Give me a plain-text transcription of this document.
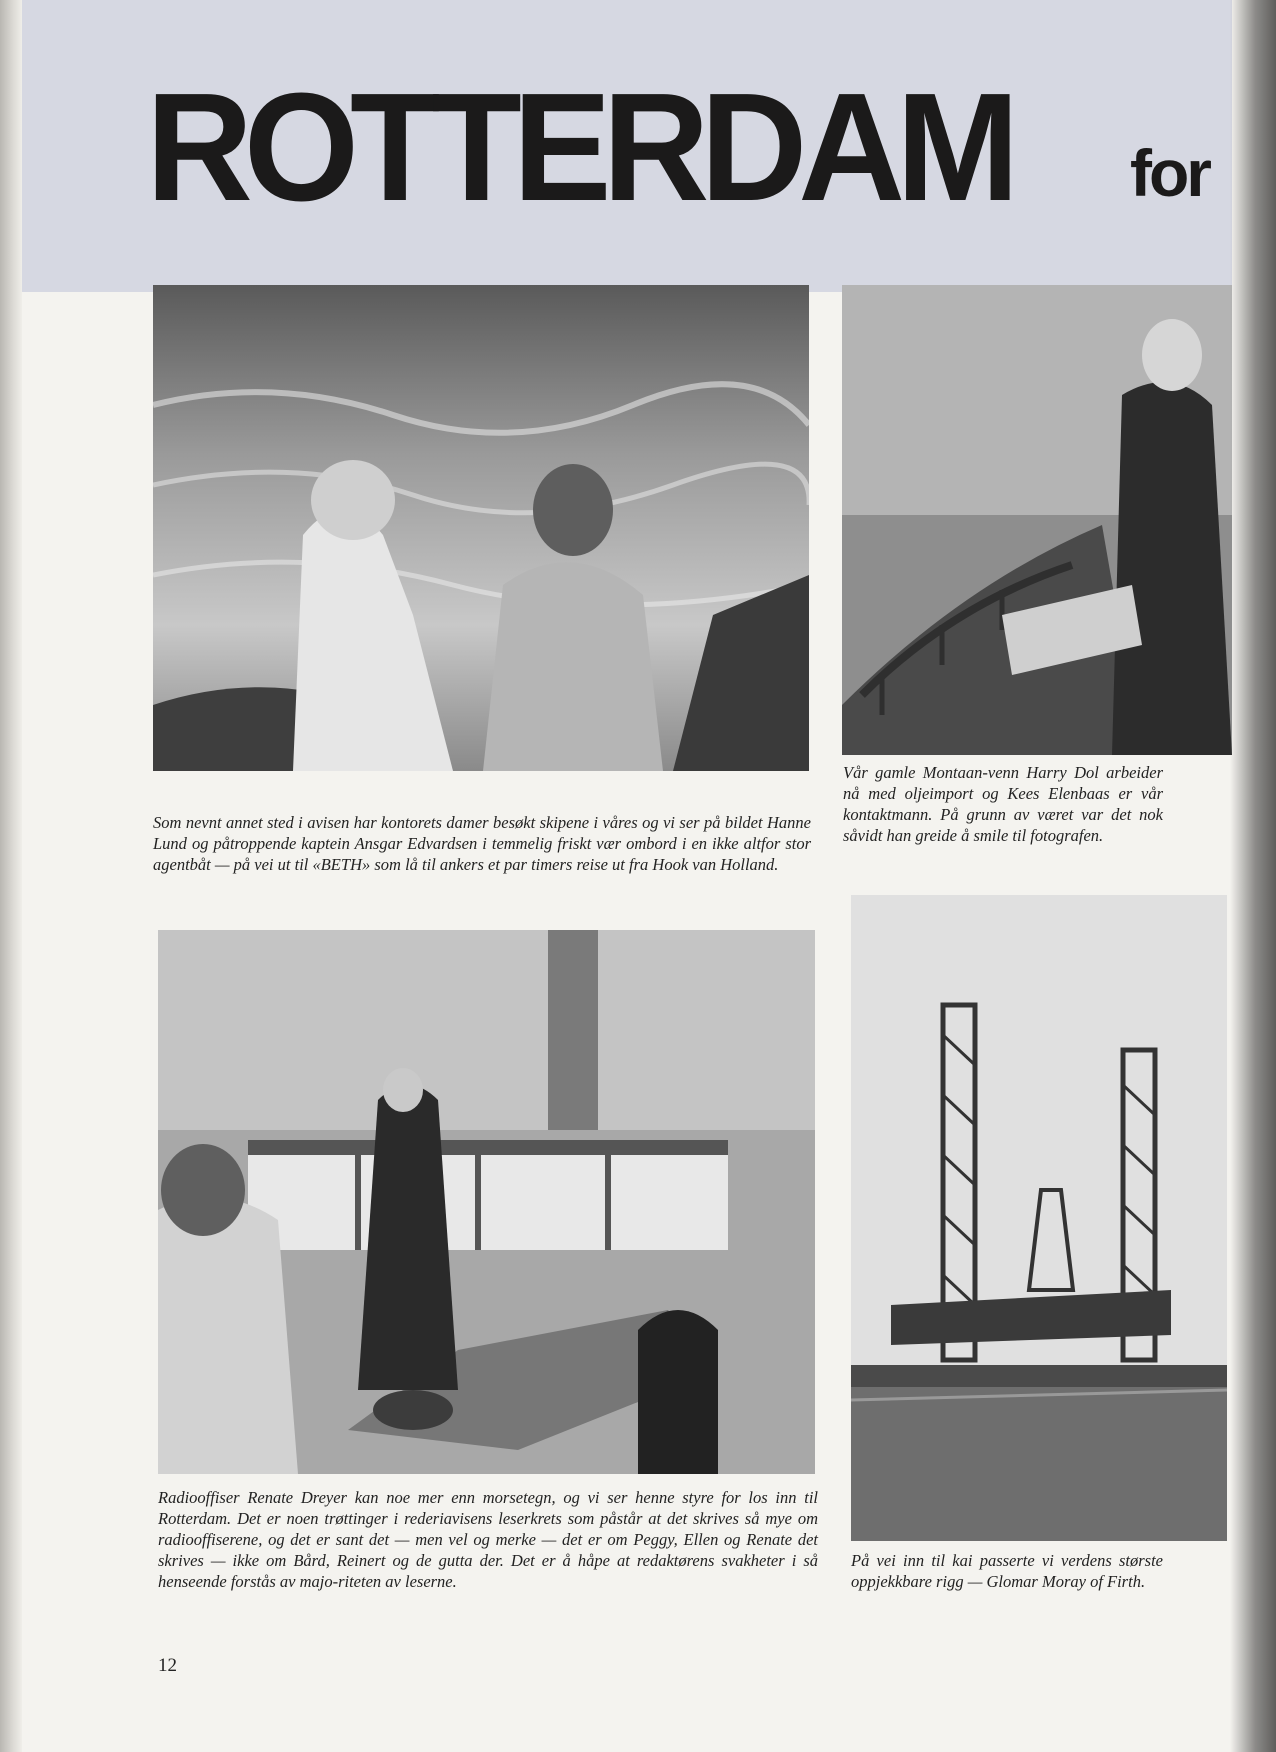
ROTTERDAM for

Som nevnt annet sted i avisen har kontorets damer besøkt skipene i våres og vi ser på bildet Hanne Lund og påtroppende kaptein Ansgar Edvardsen i temmelig friskt vær ombord i en ikke altfor stor agentbåt — på vei ut til «BETH» som lå til ankers et par timers reise ut fra Hook van Holland.

Vår gamle Montaan-venn Harry Dol arbeider nå med oljeimport og Kees Elenbaas er vår kontaktmann. På grunn av været var det nok såvidt han greide å smile til fotografen.

Radiooffiser Renate Dreyer kan noe mer enn morsetegn, og vi ser henne styre for los inn til Rotterdam. Det er noen trøttinger i rederiavisens leserkrets som påstår at det skrives så mye om radiooffiserene, og det er sant det — men vel og merke — det er om Peggy, Ellen og Renate det skrives — ikke om Bård, Reinert og de gutta der. Det er å håpe at redaktørens svakheter i så henseende forstås av majo-riteten av leserne.

På vei inn til kai passerte vi verdens største oppjekkbare rigg — Glomar Moray of Firth.

12
